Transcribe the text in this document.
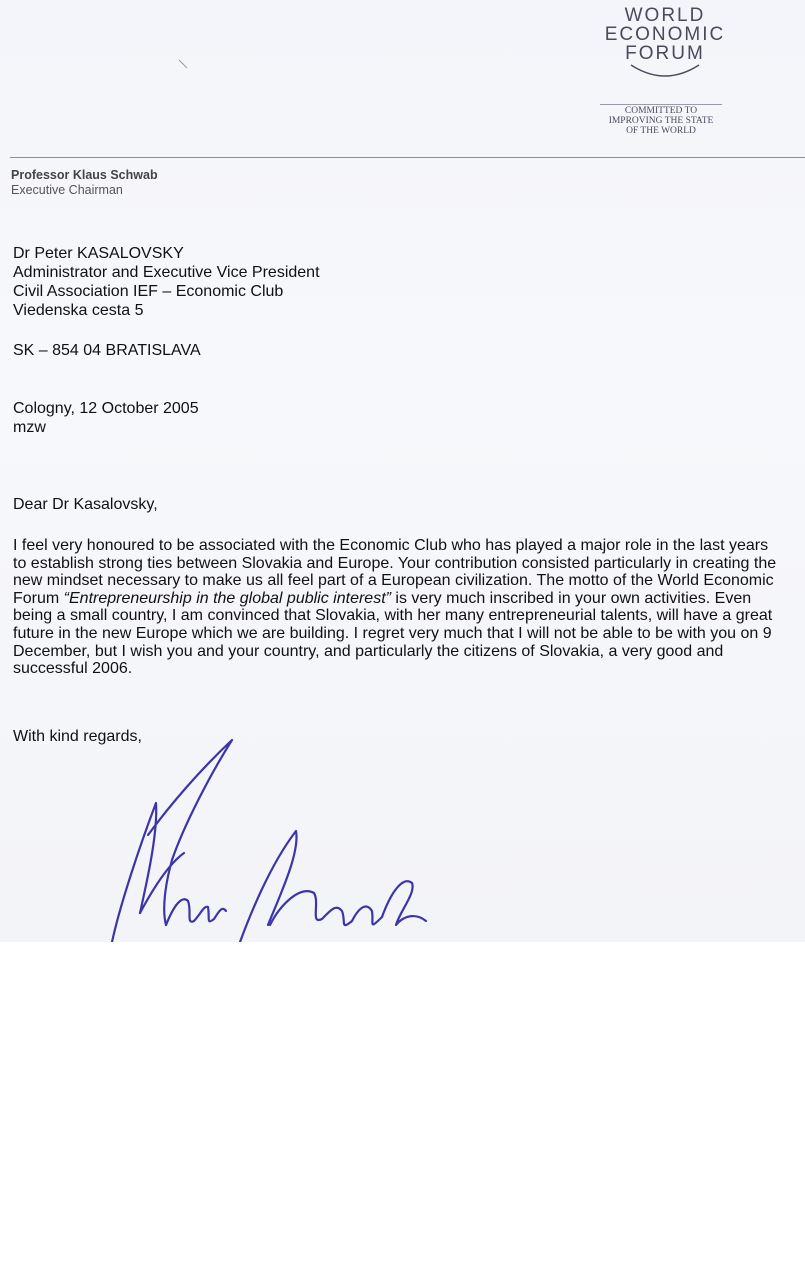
WORLD
ECONOMIC
FORUM
COMMITTED TO
IMPROVING THE STATE
OF THE WORLD
Professor Klaus Schwab
Executive Chairman
Dr Peter KASALOVSKY
Administrator and Executive Vice President
Civil Association IEF – Economic Club
Viedenska cesta 5
SK – 854 04 BRATISLAVA
Cologny, 12 October 2005
mzw
Dear Dr Kasalovsky,
I feel very honoured to be associated with the Economic Club who has played a major role in the last years to establish strong ties between Slovakia and Europe. Your contribution consisted particularly in creating the new mindset necessary to make us all feel part of a European civilization. The motto of the World Economic Forum “Entrepreneurship in the global public interest” is very much inscribed in your own activities. Even being a small country, I am convinced that Slovakia, with her many entrepreneurial talents, will have a great future in the new Europe which we are building. I regret very much that I will not be able to be with you on 9 December, but I wish you and your country, and particularly the citizens of Slovakia, a very good and successful 2006.
With kind regards,
